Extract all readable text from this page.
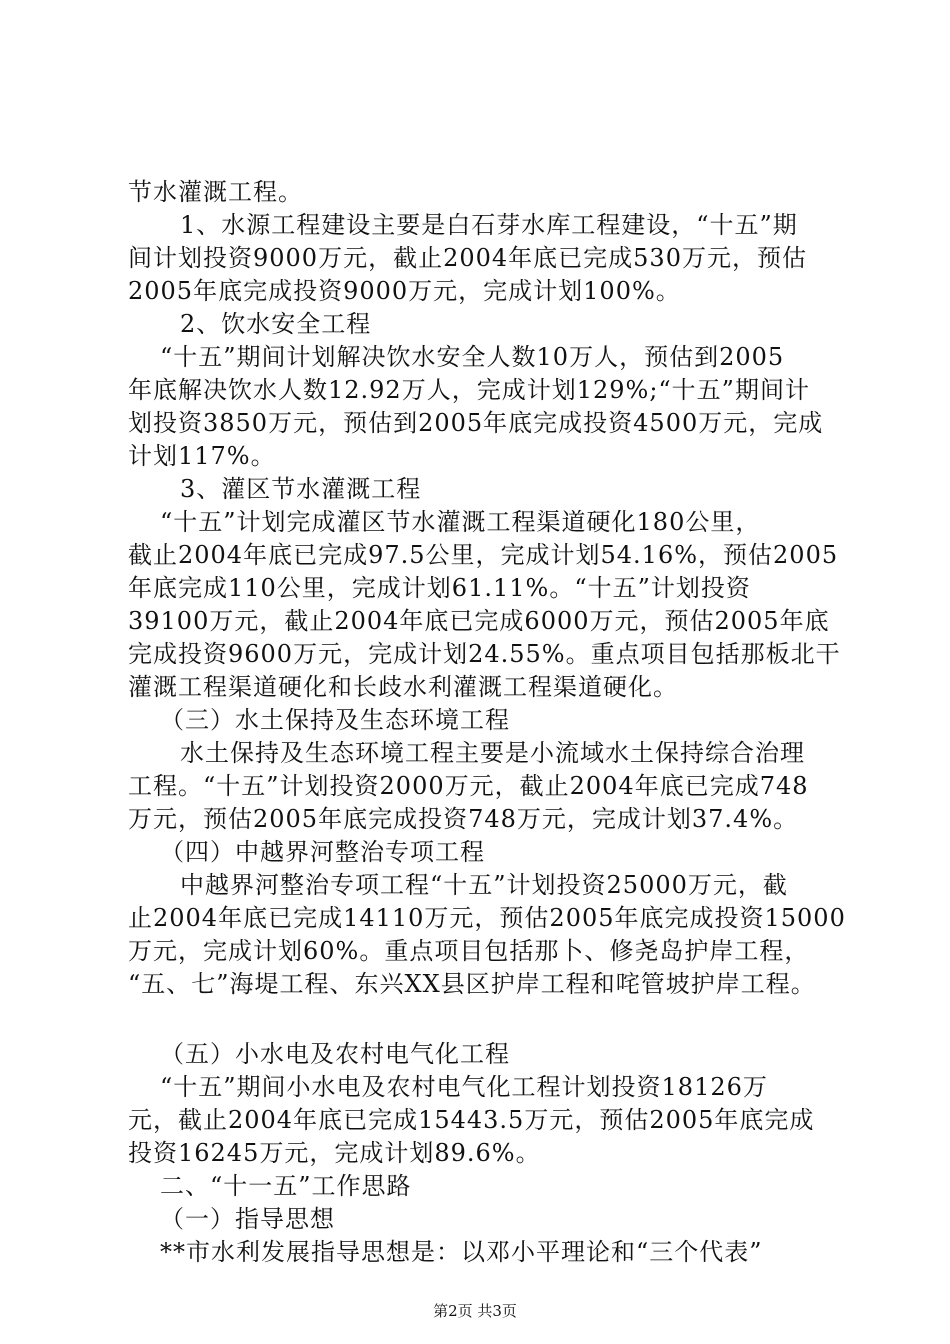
节水灌溉工程。
1、水源工程建设主要是白石芽水库工程建设，“十五”期
间计划投资9000万元，截止2004年底已完成530万元，预估
2005年底完成投资9000万元，完成计划100%。
2、饮水安全工程
“十五”期间计划解决饮水安全人数10万人，预估到2005
年底解决饮水人数12.92万人，完成计划129%;“十五”期间计
划投资3850万元，预估到2005年底完成投资4500万元，完成
计划117%。
3、灌区节水灌溉工程
“十五”计划完成灌区节水灌溉工程渠道硬化180公里，
截止2004年底已完成97.5公里，完成计划54.16%，预估2005
年底完成110公里，完成计划61.11%。“十五”计划投资
39100万元，截止2004年底已完成6000万元，预估2005年底
完成投资9600万元，完成计划24.55%。重点项目包括那板北干
灌溉工程渠道硬化和长歧水利灌溉工程渠道硬化。
（三）水土保持及生态环境工程
水土保持及生态环境工程主要是小流域水土保持综合治理
工程。“十五”计划投资2000万元，截止2004年底已完成748
万元，预估2005年底完成投资748万元，完成计划37.4%。
（四）中越界河整治专项工程
中越界河整治专项工程“十五”计划投资25000万元，截
止2004年底已完成14110万元，预估2005年底完成投资15000
万元，完成计划60%。重点项目包括那卜、修尧岛护岸工程，
“五、七”海堤工程、东兴XX县区护岸工程和咤管坡护岸工程。
（五）小水电及农村电气化工程
“十五”期间小水电及农村电气化工程计划投资18126万
元，截止2004年底已完成15443.5万元，预估2005年底完成
投资16245万元，完成计划89.6%。
二、“十一五”工作思路
（一）指导思想
**市水利发展指导思想是：以邓小平理论和“三个代表”
第2页 共3页
